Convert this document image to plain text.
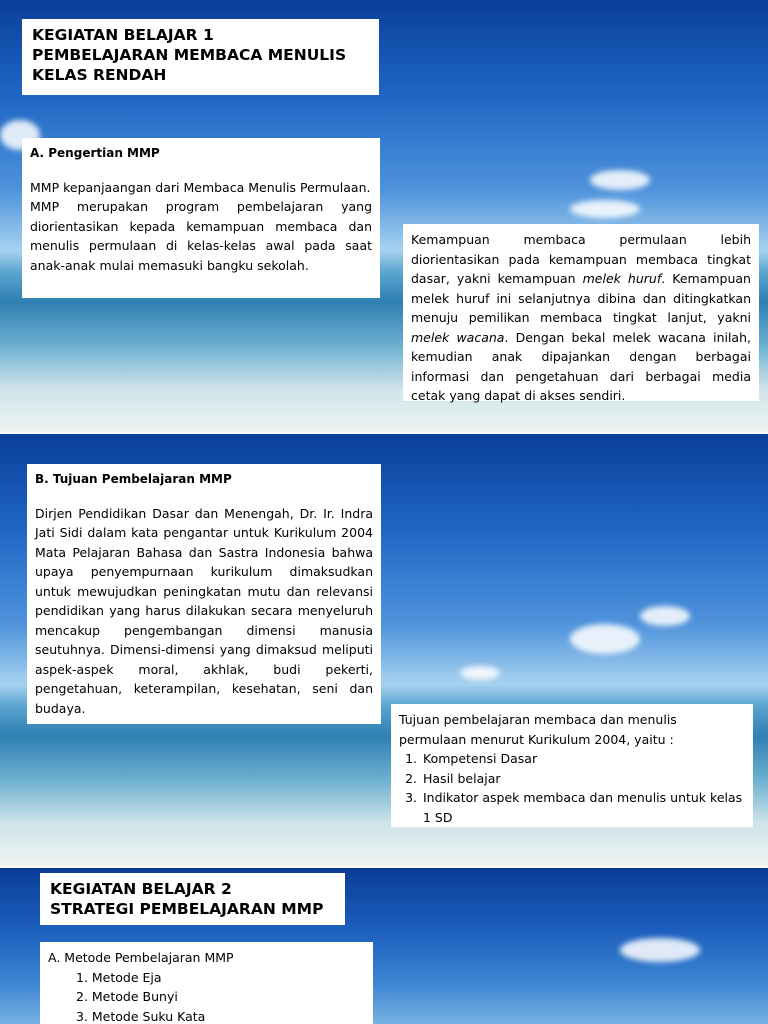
KEGIATAN BELAJAR 1
PEMBELAJARAN MEMBACA MENULIS
KELAS RENDAH

A. Pengertian MMP

MMP kepanjaangan dari Membaca Menulis Permulaan.

MMP merupakan program pembelajaran yang diorientasikan kepada kemampuan membaca dan menulis permulaan di kelas-kelas awal pada saat anak-anak mulai memasuki bangku sekolah.

Kemampuan membaca permulaan lebih diorientasikan pada kemampuan membaca tingkat dasar, yakni kemampuan melek huruf. Kemampuan melek huruf ini selanjutnya dibina dan ditingkatkan menuju pemilikan membaca tingkat lanjut, yakni melek wacana. Dengan bekal melek wacana inilah, kemudian anak dipajankan dengan berbagai informasi dan pengetahuan dari berbagai media cetak yang dapat di akses sendiri.

B. Tujuan Pembelajaran MMP

Dirjen Pendidikan Dasar dan Menengah, Dr. Ir. Indra Jati Sidi dalam kata pengantar untuk Kurikulum 2004 Mata Pelajaran Bahasa dan Sastra Indonesia bahwa upaya penyempurnaan kurikulum dimaksudkan untuk mewujudkan peningkatan mutu dan relevansi pendidikan yang harus dilakukan secara menyeluruh mencakup pengembangan dimensi manusia seutuhnya. Dimensi-dimensi yang dimaksud meliputi aspek-aspek moral, akhlak, budi pekerti, pengetahuan, keterampilan, kesehatan, seni dan budaya.

Tujuan pembelajaran membaca dan menulis permulaan menurut Kurikulum 2004, yaitu :

1. Kompetensi Dasar
2. Hasil belajar
3. Indikator aspek membaca dan menulis untuk kelas 1 SD
KEGIATAN BELAJAR 2
STRATEGI PEMBELAJARAN MMP

A. Metode Pembelajaran MMP

1. Metode Eja
2. Metode Bunyi
3. Metode Suku Kata
